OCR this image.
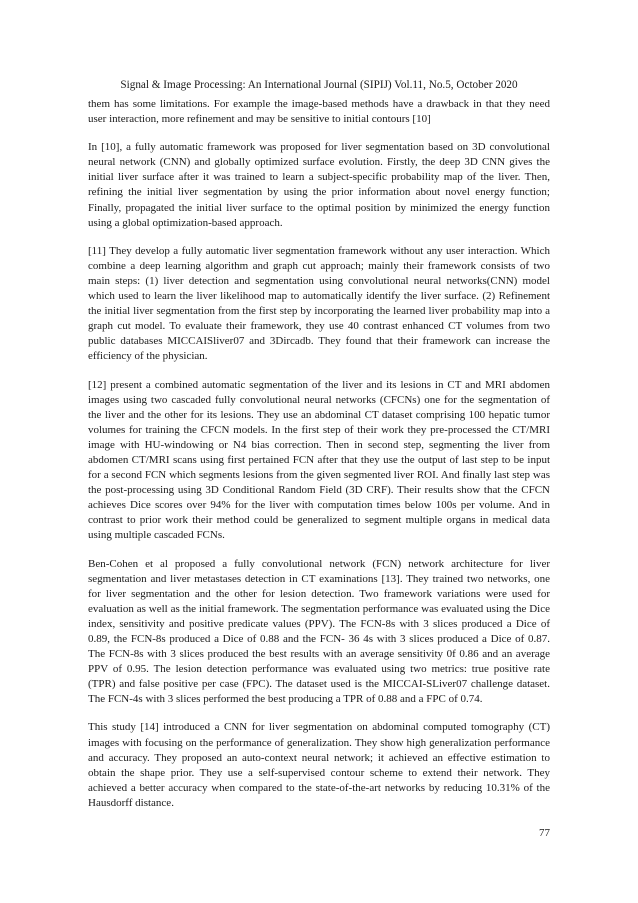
Signal & Image Processing: An International Journal (SIPIJ) Vol.11, No.5, October 2020

them has some limitations. For example the image-based methods have a drawback in that they need user interaction, more refinement and may be sensitive to initial contours [10]

In [10], a fully automatic framework was proposed for liver segmentation based on 3D convolutional neural network (CNN) and globally optimized surface evolution. Firstly, the deep 3D CNN gives the initial liver surface after it was trained to learn a subject-specific probability map of the liver. Then, refining the initial liver segmentation by using the prior information about novel energy function; Finally, propagated the initial liver surface to the optimal position by minimized the energy function using a global optimization-based approach.

[11] They develop a fully automatic liver segmentation framework without any user interaction. Which combine a deep learning algorithm and graph cut approach; mainly their framework consists of two main steps: (1) liver detection and segmentation using convolutional neural networks(CNN) model which used to learn the liver likelihood map to automatically identify the liver surface. (2) Refinement the initial liver segmentation from the first step by incorporating the learned liver probability map into a graph cut model. To evaluate their framework, they use 40 contrast enhanced CT volumes from two public databases MICCAISliver07 and 3Dircadb. They found that their framework can increase the efficiency of the physician.

[12] present a combined automatic segmentation of the liver and its lesions in CT and MRI abdomen images using two cascaded fully convolutional neural networks (CFCNs) one for the segmentation of the liver and the other for its lesions. They use an abdominal CT dataset comprising 100 hepatic tumor volumes for training the CFCN models. In the first step of their work they pre-processed the CT/MRI image with HU-windowing or N4 bias correction. Then in second step, segmenting the liver from abdomen CT/MRI scans using first pertained FCN after that they use the output of last step to be input for a second FCN which segments lesions from the given segmented liver ROI. And finally last step was the post-processing using 3D Conditional Random Field (3D CRF). Their results show that the CFCN achieves Dice scores over 94% for the liver with computation times below 100s per volume. And in contrast to prior work their method could be generalized to segment multiple organs in medical data using multiple cascaded FCNs.

Ben-Cohen et al proposed a fully convolutional network (FCN) network architecture for liver segmentation and liver metastases detection in CT examinations [13]. They trained two networks, one for liver segmentation and the other for lesion detection. Two framework variations were used for evaluation as well as the initial framework. The segmentation performance was evaluated using the Dice index, sensitivity and positive predicate values (PPV). The FCN-8s with 3 slices produced a Dice of 0.89, the FCN-8s produced a Dice of 0.88 and the FCN- 36 4s with 3 slices produced a Dice of 0.87. The FCN-8s with 3 slices produced the best results with an average sensitivity 0f 0.86 and an average PPV of 0.95. The lesion detection performance was evaluated using two metrics: true positive rate (TPR) and false positive per case (FPC). The dataset used is the MICCAI-SLiver07 challenge dataset. The FCN-4s with 3 slices performed the best producing a TPR of 0.88 and a FPC of 0.74.

This study [14] introduced a CNN for liver segmentation on abdominal computed tomography (CT) images with focusing on the performance of generalization. They show high generalization performance and accuracy. They proposed an auto-context neural network; it achieved an effective estimation to obtain the shape prior. They use a self-supervised contour scheme to extend their network. They achieved a better accuracy when compared to the state-of-the-art networks by reducing 10.31% of the Hausdorff distance.

77
